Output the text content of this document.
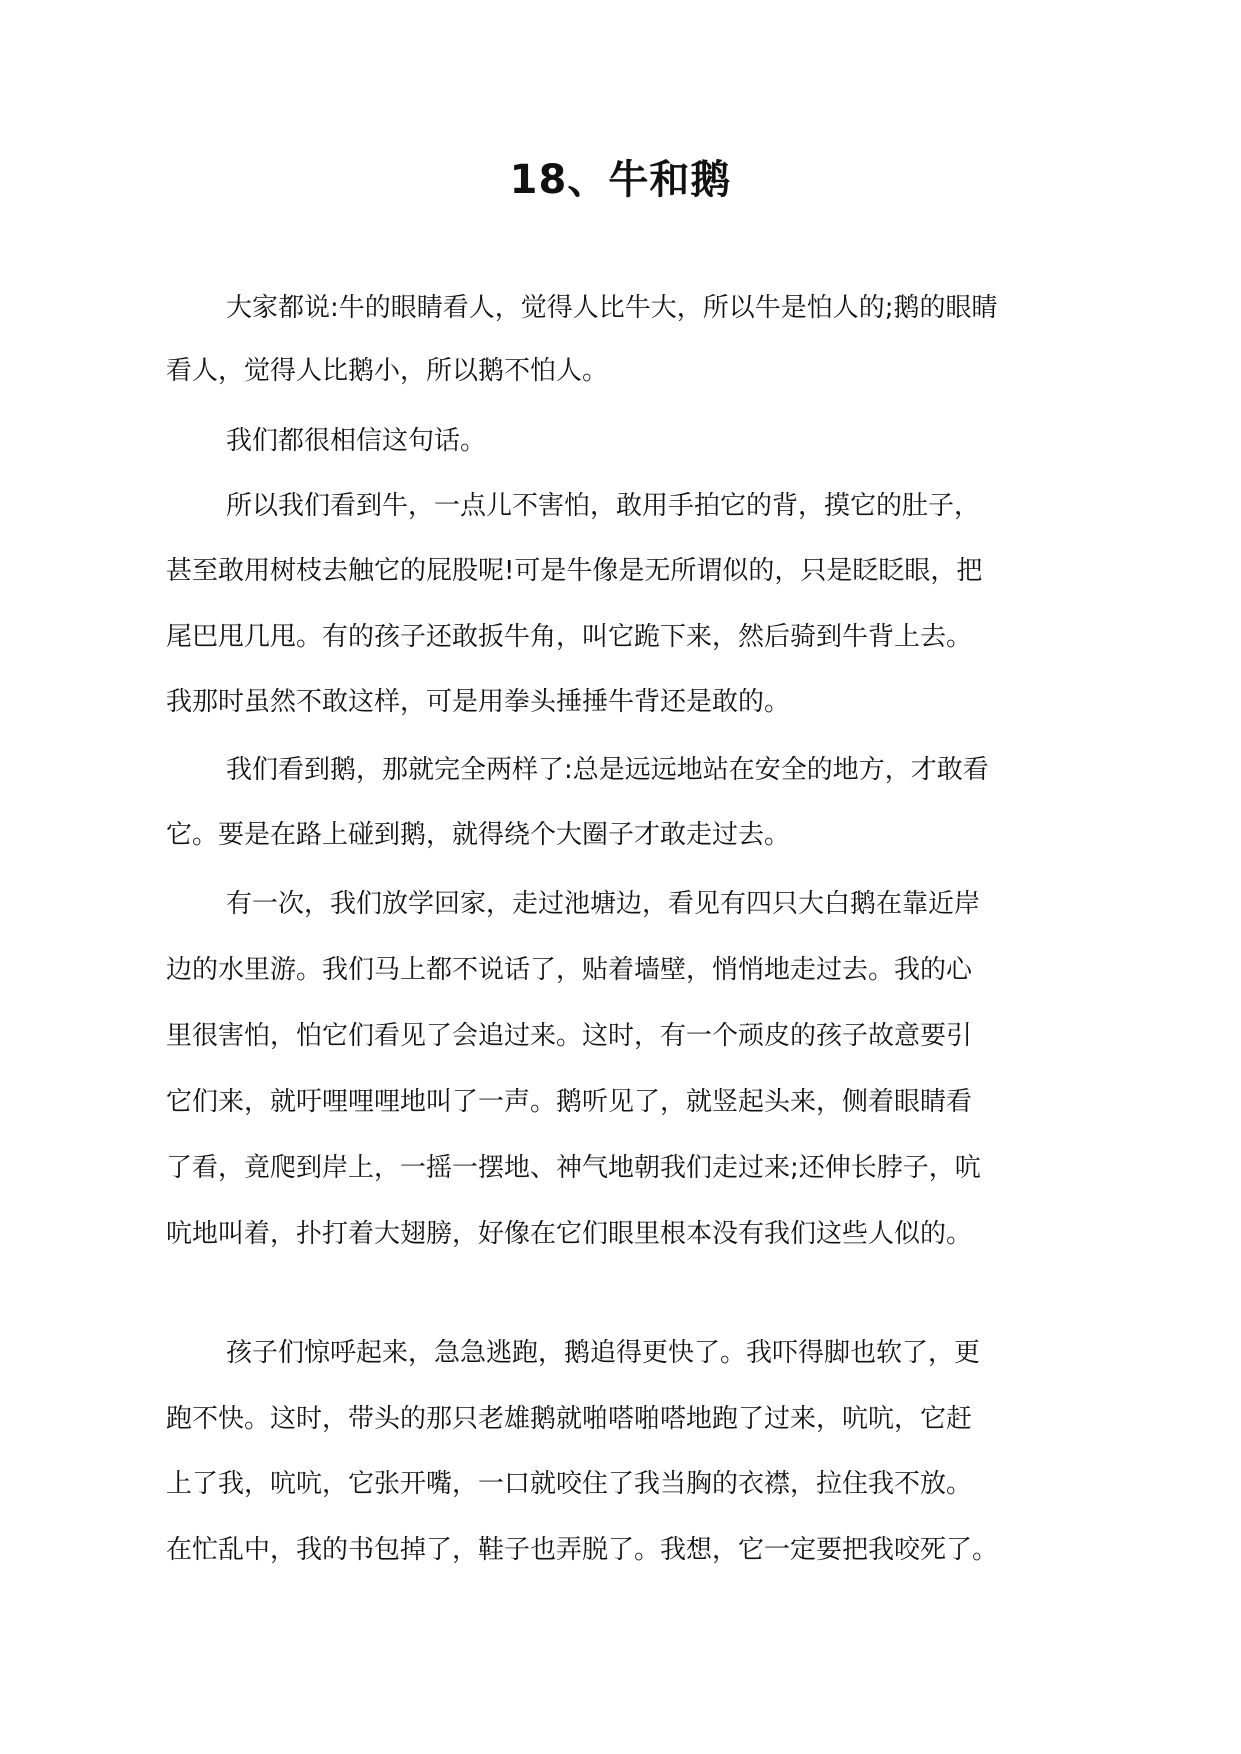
18、牛和鹅

大家都说:牛的眼睛看人，觉得人比牛大，所以牛是怕人的;鹅的眼睛

看人，觉得人比鹅小，所以鹅不怕人。

我们都很相信这句话。

所以我们看到牛，一点儿不害怕，敢用手拍它的背，摸它的肚子，

甚至敢用树枝去触它的屁股呢!可是牛像是无所谓似的，只是眨眨眼，把

尾巴甩几甩。有的孩子还敢扳牛角，叫它跪下来，然后骑到牛背上去。

我那时虽然不敢这样，可是用拳头捶捶牛背还是敢的。

我们看到鹅，那就完全两样了:总是远远地站在安全的地方，才敢看

它。要是在路上碰到鹅，就得绕个大圈子才敢走过去。

有一次，我们放学回家，走过池塘边，看见有四只大白鹅在靠近岸

边的水里游。我们马上都不说话了，贴着墙壁，悄悄地走过去。我的心

里很害怕，怕它们看见了会追过来。这时，有一个顽皮的孩子故意要引

它们来，就吁哩哩哩地叫了一声。鹅听见了，就竖起头来，侧着眼睛看

了看，竟爬到岸上，一摇一摆地、神气地朝我们走过来;还伸长脖子，吭

吭地叫着，扑打着大翅膀，好像在它们眼里根本没有我们这些人似的。

孩子们惊呼起来，急急逃跑，鹅追得更快了。我吓得脚也软了，更

跑不快。这时，带头的那只老雄鹅就啪嗒啪嗒地跑了过来，吭吭，它赶

上了我，吭吭，它张开嘴，一口就咬住了我当胸的衣襟，拉住我不放。

在忙乱中，我的书包掉了，鞋子也弄脱了。我想，它一定要把我咬死了。
